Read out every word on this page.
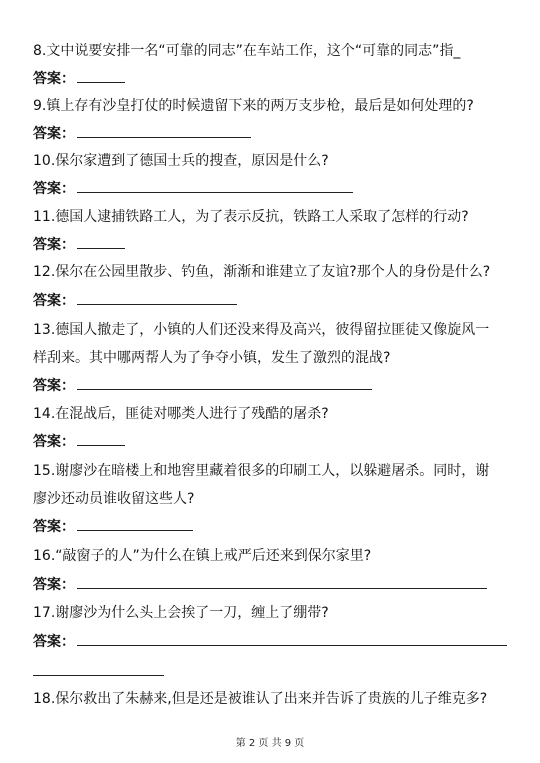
8.文中说要安排一名“可靠的同志”在车站工作，这个“可靠的同志”指_
答案：
9.镇上存有沙皇打仗的时候遗留下来的两万支步枪，最后是如何处理的?
答案：
10.保尔家遭到了德国士兵的搜查，原因是什么?
答案：
11.德国人逮捕铁路工人，为了表示反抗，铁路工人采取了怎样的行动?
答案：
12.保尔在公园里散步、钓鱼，渐渐和谁建立了友谊?那个人的身份是什么?
答案：
13.德国人撤走了，小镇的人们还没来得及高兴，彼得留拉匪徒又像旋风一
样刮来。其中哪两帮人为了争夺小镇，发生了激烈的混战?
答案：
14.在混战后，匪徒对哪类人进行了残酷的屠杀?
答案：
15.谢廖沙在暗楼上和地窖里藏着很多的印刷工人，以躲避屠杀。同时，谢
廖沙还动员谁收留这些人?
答案：
16.“敲窗子的人”为什么在镇上戒严后还来到保尔家里?
答案：
17.谢廖沙为什么头上会挨了一刀，缠上了绷带?
答案：
18.保尔救出了朱赫来,但是还是被谁认了出来并告诉了贵族的儿子维克多?
第 2 页 共 9 页
